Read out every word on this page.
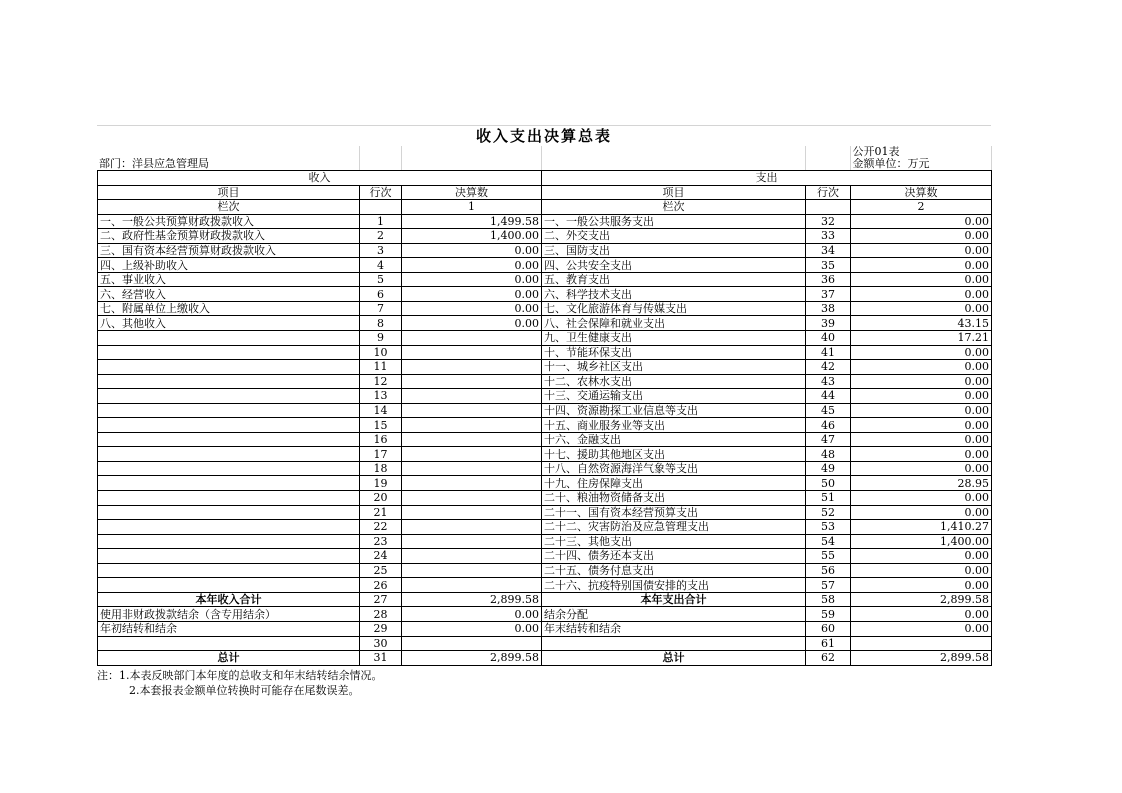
收入支出决算总表
					公开01表
部门：洋县应急管理局					金额单位：万元
收入			支出		
项目	行次	决算数	项目	行次	决算数
栏次		1	栏次		2
一、一般公共预算财政拨款收入	1	1,499.58	一、一般公共服务支出	32	0.00
二、政府性基金预算财政拨款收入	2	1,400.00	二、外交支出	33	0.00
三、国有资本经营预算财政拨款收入	3	0.00	三、国防支出	34	0.00
四、上级补助收入	4	0.00	四、公共安全支出	35	0.00
五、事业收入	5	0.00	五、教育支出	36	0.00
六、经营收入	6	0.00	六、科学技术支出	37	0.00
七、附属单位上缴收入	7	0.00	七、文化旅游体育与传媒支出	38	0.00
八、其他收入	8	0.00	八、社会保障和就业支出	39	43.15
	9		九、卫生健康支出	40	17.21
	10		十、节能环保支出	41	0.00
	11		十一、城乡社区支出	42	0.00
	12		十二、农林水支出	43	0.00
	13		十三、交通运输支出	44	0.00
	14		十四、资源勘探工业信息等支出	45	0.00
	15		十五、商业服务业等支出	46	0.00
	16		十六、金融支出	47	0.00
	17		十七、援助其他地区支出	48	0.00
	18		十八、自然资源海洋气象等支出	49	0.00
	19		十九、住房保障支出	50	28.95
	20		二十、粮油物资储备支出	51	0.00
	21		二十一、国有资本经营预算支出	52	0.00
	22		二十二、灾害防治及应急管理支出	53	1,410.27
	23		二十三、其他支出	54	1,400.00
	24		二十四、债务还本支出	55	0.00
	25		二十五、债务付息支出	56	0.00
	26		二十六、抗疫特别国债安排的支出	57	0.00
本年收入合计	27	2,899.58	本年支出合计	58	2,899.58
使用非财政拨款结余（含专用结余）	28	0.00	结余分配	59	0.00
年初结转和结余	29	0.00	年末结转和结余	60	0.00
	30			61	
总计	31	2,899.58	总计	62	2,899.58
注：1.本表反映部门本年度的总收支和年末结转结余情况。
2.本套报表金额单位转换时可能存在尾数误差。
